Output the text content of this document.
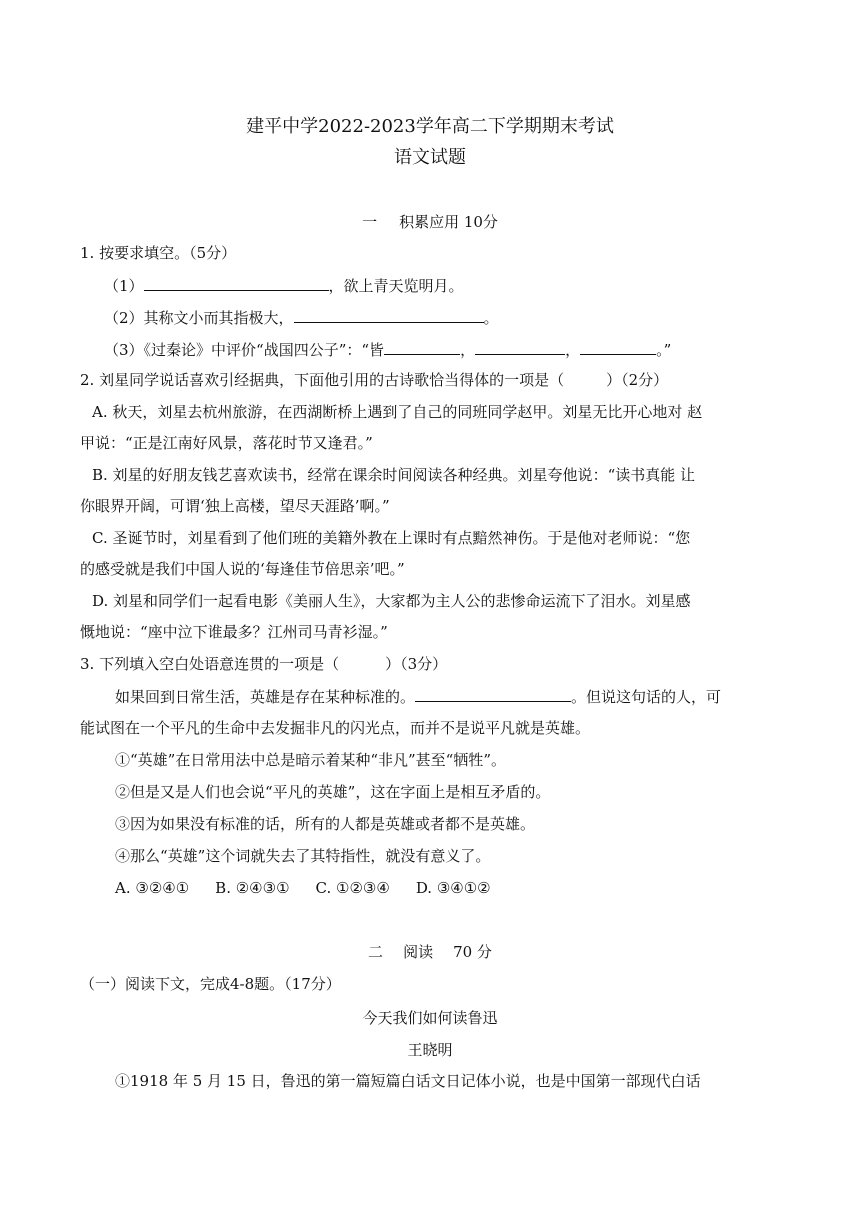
建平中学2022-2023学年高二下学期期末考试
语文试题
一 积累应用 10分
1. 按要求填空。（5分）
（1）	，欲上青天览明月。
（2）其称文小而其指极大，	。
（3）《过秦论》中评价“战国四公子”：“皆	，	，	。”
2. 刘星同学说话喜欢引经据典，下面他引用的古诗歌恰当得体的一项是（	）（2分）
A. 秋天，刘星去杭州旅游，在西湖断桥上遇到了自己的同班同学赵甲。刘星无比开心地对 赵
甲说：“正是江南好风景，落花时节又逢君。”
B. 刘星的好朋友钱艺喜欢读书，经常在课余时间阅读各种经典。刘星夸他说：“读书真能 让
你眼界开阔，可谓‘独上高楼，望尽天涯路’啊。”
C. 圣诞节时，刘星看到了他们班的美籍外教在上课时有点黯然神伤。于是他对老师说：“您
的感受就是我们中国人说的‘每逢佳节倍思亲’吧。”
D. 刘星和同学们一起看电影《美丽人生》，大家都为主人公的悲惨命运流下了泪水。刘星感
慨地说：“座中泣下谁最多？江州司马青衫湿。”
3. 下列填入空白处语意连贯的一项是（	）（3分）
如果回到日常生活，英雄是存在某种标准的。	。但说这句话的人，可
能试图在一个平凡的生命中去发掘非凡的闪光点，而并不是说平凡就是英雄。
①“英雄”在日常用法中总是暗示着某种“非凡”甚至“牺牲”。
②但是又是人们也会说“平凡的英雄”，这在字面上是相互矛盾的。
③因为如果没有标准的话，所有的人都是英雄或者都不是英雄。
④那么“英雄”这个词就失去了其特指性，就没有意义了。
A. ③②④① B. ②④③① C. ①②③④ D. ③④①②
二 阅读 70 分
（一）阅读下文，完成4-8题。（17分）
今天我们如何读鲁迅
王晓明
①1918 年 5 月 15 日，鲁迅的第一篇短篇白话文日记体小说，也是中国第一部现代白话
